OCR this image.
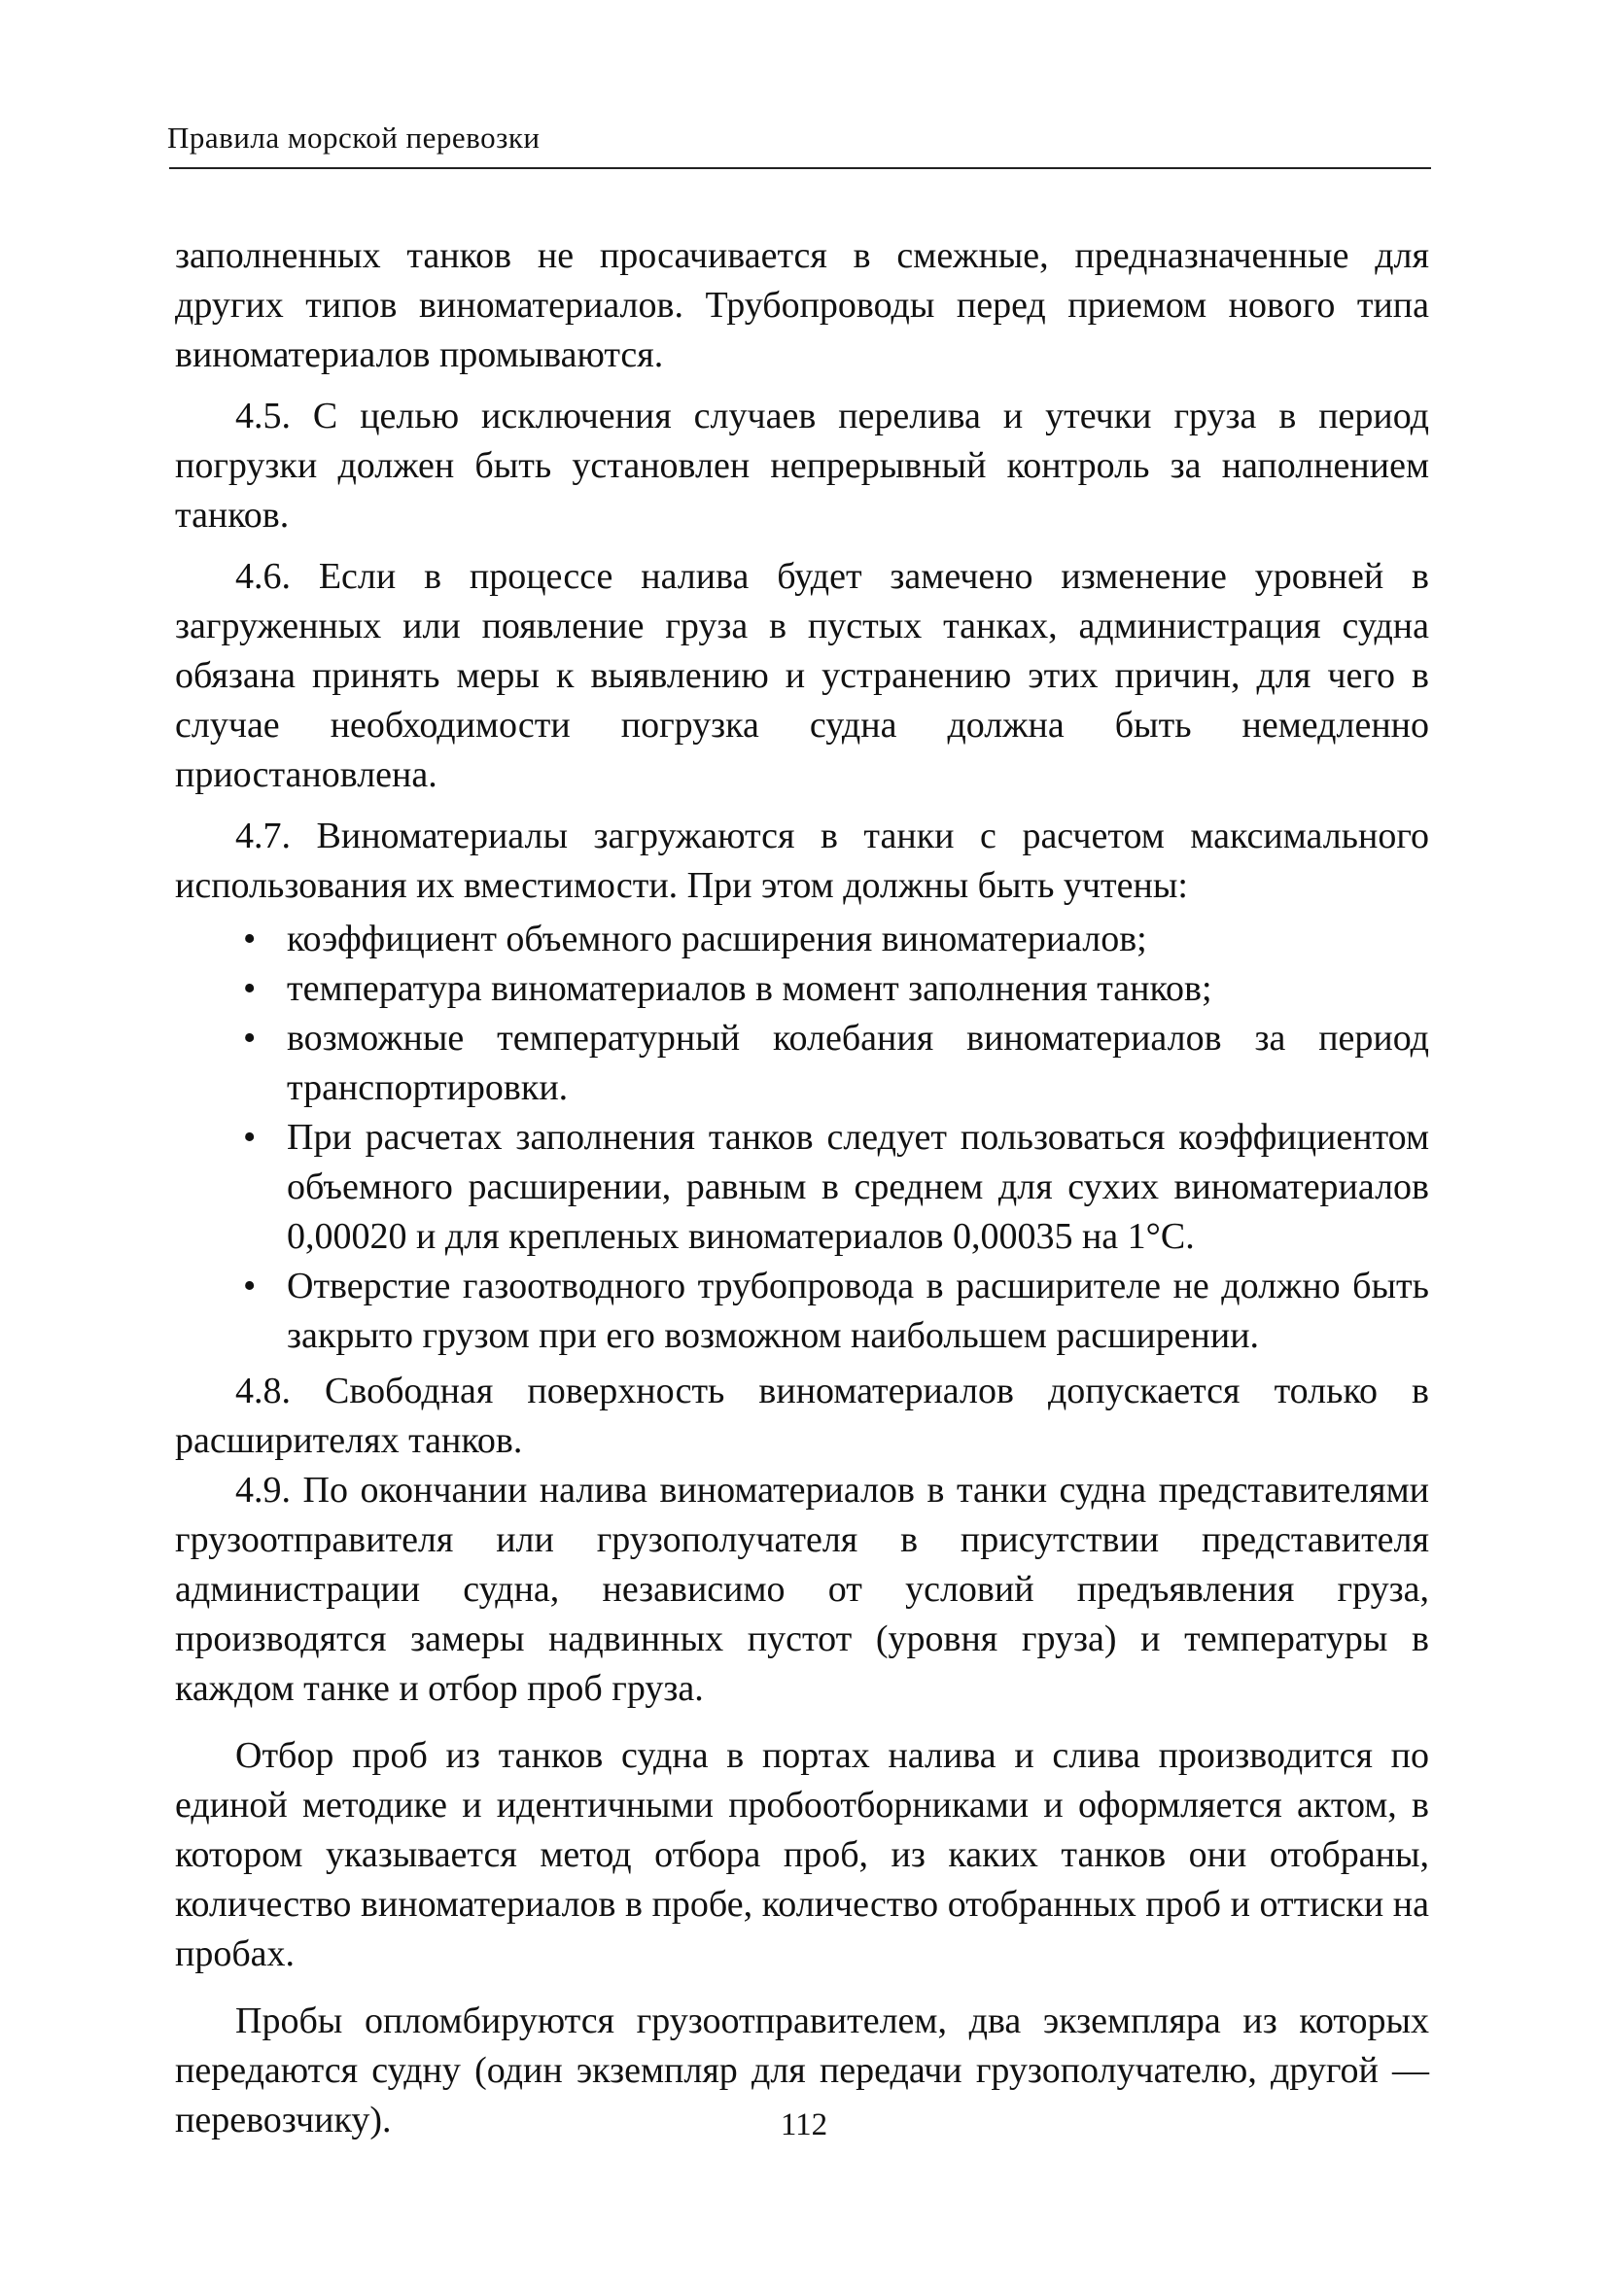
Правила морской перевозки

заполненных танков не просачивается в смежные, предназначенные для других типов виноматериалов. Трубопроводы перед приемом нового типа виноматериалов промываются.

4.5. С целью исключения случаев перелива и утечки груза в период погрузки должен быть установлен непрерывный контроль за наполнением танков.

4.6. Если в процессе налива будет замечено изменение уровней в загруженных или появление груза в пустых танках, администрация судна обязана принять меры к выявлению и устранению этих причин, для чего в случае необходимости погрузка судна должна быть немедленно приостановлена.

4.7. Виноматериалы загружаются в танки с расчетом максимального использования их вместимости. При этом должны быть учтены:

• коэффициент объемного расширения виноматериалов;
• температура виноматериалов в момент заполнения танков;
• возможные температурный колебания виноматериалов за период транспортировки.
• При расчетах заполнения танков следует пользоваться коэффициентом объемного расширении, равным в среднем для сухих виноматериалов 0,00020 и для крепленых виноматериалов 0,00035 на 1°С.
• Отверстие газоотводного трубопровода в расширителе не должно быть закрыто грузом при его возможном наибольшем расширении.

4.8. Свободная поверхность виноматериалов допускается только в расширителях танков.

4.9. По окончании налива виноматериалов в танки судна представителями грузоотправителя или грузополучателя в присутствии представителя администрации судна, независимо от условий предъявления груза, производятся замеры надвинных пустот (уровня груза) и температуры в каждом танке и отбор проб груза.

Отбор проб из танков судна в портах налива и слива производится по единой методике и идентичными пробоотборниками и оформляется актом, в котором указывается метод отбора проб, из каких танков они отобраны, количество виноматериалов в пробе, количество отобранных проб и оттиски на пробах.

Пробы опломбируются грузоотправителем, два экземпляра из которых передаются судну (один экземпляр для передачи грузополучателю, другой — перевозчику).	112
